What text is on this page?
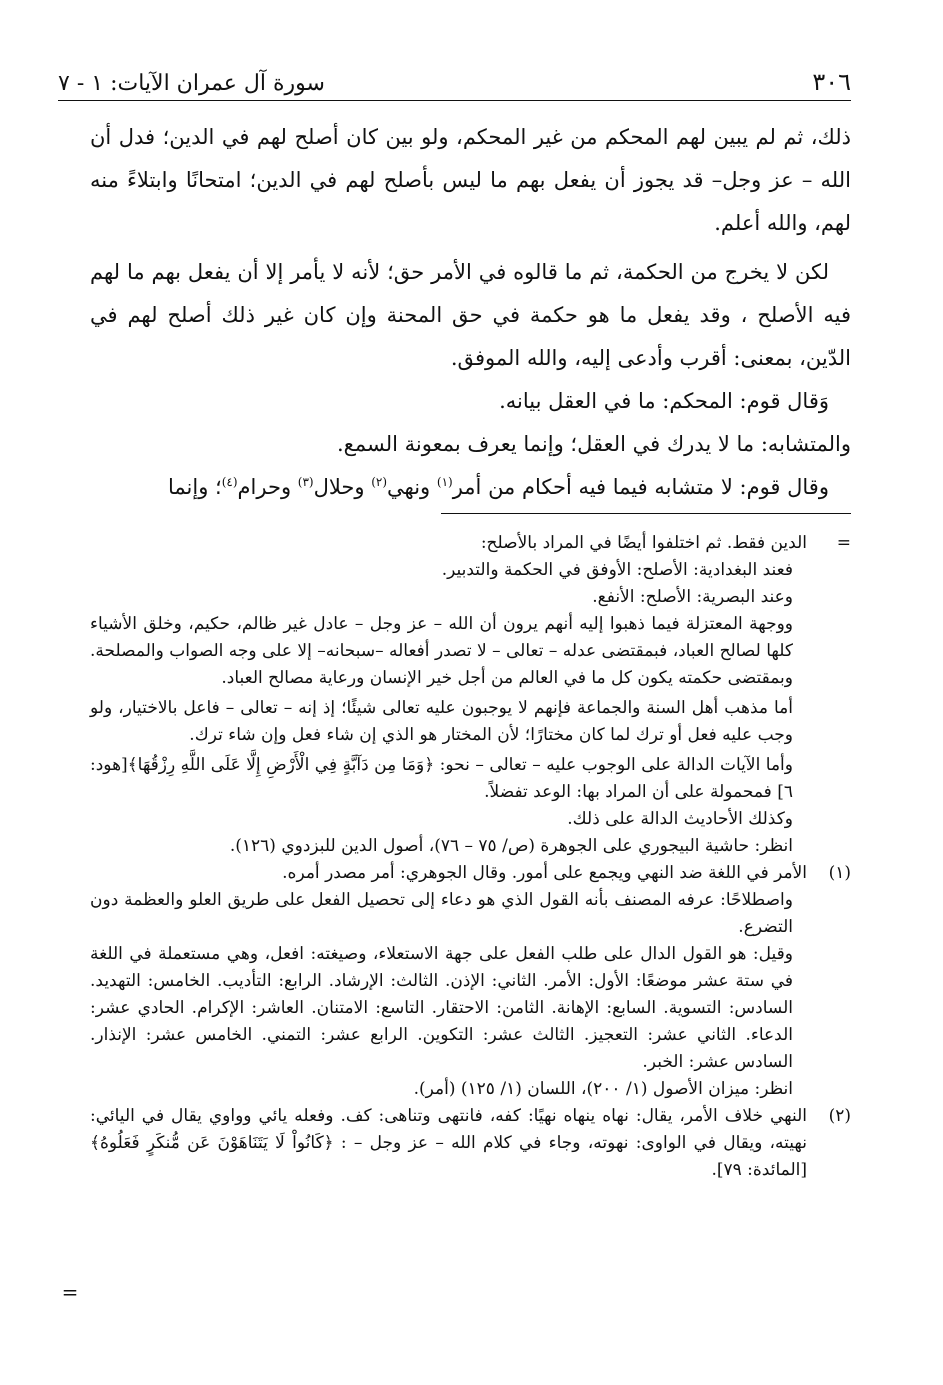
٣٠٦
سورة آل عمران الآيات: ١ - ٧

ذلك، ثم لم يبين لهم المحكم من غير المحكم، ولو بين كان أصلح لهم في الدين؛ فدل أن الله – عز وجل– قد يجوز أن يفعل بهم ما ليس بأصلح لهم في الدين؛ امتحانًا وابتلاءً منه لهم، والله أعلم.

لكن لا يخرج من الحكمة، ثم ما قالوه في الأمر حق؛ لأنه لا يأمر إلا أن يفعل بهم ما لهم فيه الأصلح ، وقد يفعل ما هو حكمة في حق المحنة وإن كان غير ذلك أصلح لهم في الدّين، بمعنى: أقرب وأدعى إليه، والله الموفق.

وَقال قوم: المحكم: ما في العقل بيانه.

والمتشابه: ما لا يدرك في العقل؛ وإنما يعرف بمعونة السمع.

وقال قوم: لا متشابه فيما فيه أحكام من أمر$^{(١)}$ ونهي$^{(٢)}$ وحلال$^{(٣)}$ وحرام$^{(٤)}$؛ وإنما

=

الدين فقط. ثم اختلفوا أيضًا في المراد بالأصلح:

فعند البغدادية: الأصلح: الأوفق في الحكمة والتدبير.

وعند البصرية: الأصلح: الأنفع.

ووجهة المعتزلة فيما ذهبوا إليه أنهم يرون أن الله – عز وجل – عادل غير ظالم، حكيم، وخلق الأشياء كلها لصالح العباد، فبمقتضى عدله – تعالى – لا تصدر أفعاله –سبحانه– إلا على وجه الصواب والمصلحة. وبمقتضى حكمته يكون كل ما في العالم من أجل خير الإنسان ورعاية مصالح العباد.

أما مذهب أهل السنة والجماعة فإنهم لا يوجبون عليه تعالى شيئًا؛ إذ إنه – تعالى – فاعل بالاختيار، ولو وجب عليه فعل أو ترك لما كان مختارًا؛ لأن المختار هو الذي إن شاء فعل وإن شاء ترك.

وأما الآيات الدالة على الوجوب عليه – تعالى – نحو: ﴿وَمَا مِن دَآبَّةٍ فِي الْأَرْضِ إِلَّا عَلَى اللَّهِ رِزْقُهَا﴾[هود: ٦] فمحمولة على أن المراد بها: الوعد تفضلاً.

وكذلك الأحاديث الدالة على ذلك.

انظر: حاشية البيجوري على الجوهرة (ص/ ٧٥ – ٧٦)، أصول الدين للبزدوي (١٢٦).

(١)

الأمر في اللغة ضد النهي ويجمع على أمور. وقال الجوهري: أمر مصدر أمره.

واصطلاحًا: عرفه المصنف بأنه القول الذي هو دعاء إلى تحصيل الفعل على طريق العلو والعظمة دون التضرع.

وقيل: هو القول الدال على طلب الفعل على جهة الاستعلاء، وصيغته: افعل، وهي مستعملة في اللغة في ستة عشر موضعًا: الأول: الأمر. الثاني: الإذن. الثالث: الإرشاد. الرابع: التأديب. الخامس: التهديد. السادس: التسوية. السابع: الإهانة. الثامن: الاحتقار. التاسع: الامتنان. العاشر: الإكرام. الحادي عشر: الدعاء. الثاني عشر: التعجيز. الثالث عشر: التكوين. الرابع عشر: التمني. الخامس عشر: الإنذار. السادس عشر: الخبر.

انظر: ميزان الأصول (١/ ٢٠٠)، اللسان (١/ ١٢٥) (أمر).

(٢)

النهي خلاف الأمر، يقال: نهاه ينهاه نهيًا: كفه، فانتهى وتناهى: كف. وفعله يائي وواوي يقال في اليائي: نهيته، ويقال في الواوى: نهوته، وجاء في كلام الله – عز وجل – : ﴿كَانُواْ لَا يَتَنَاهَوْنَ عَن مُّنكَرٍ فَعَلُوهُ﴾ [المائدة: ٧٩].

=
